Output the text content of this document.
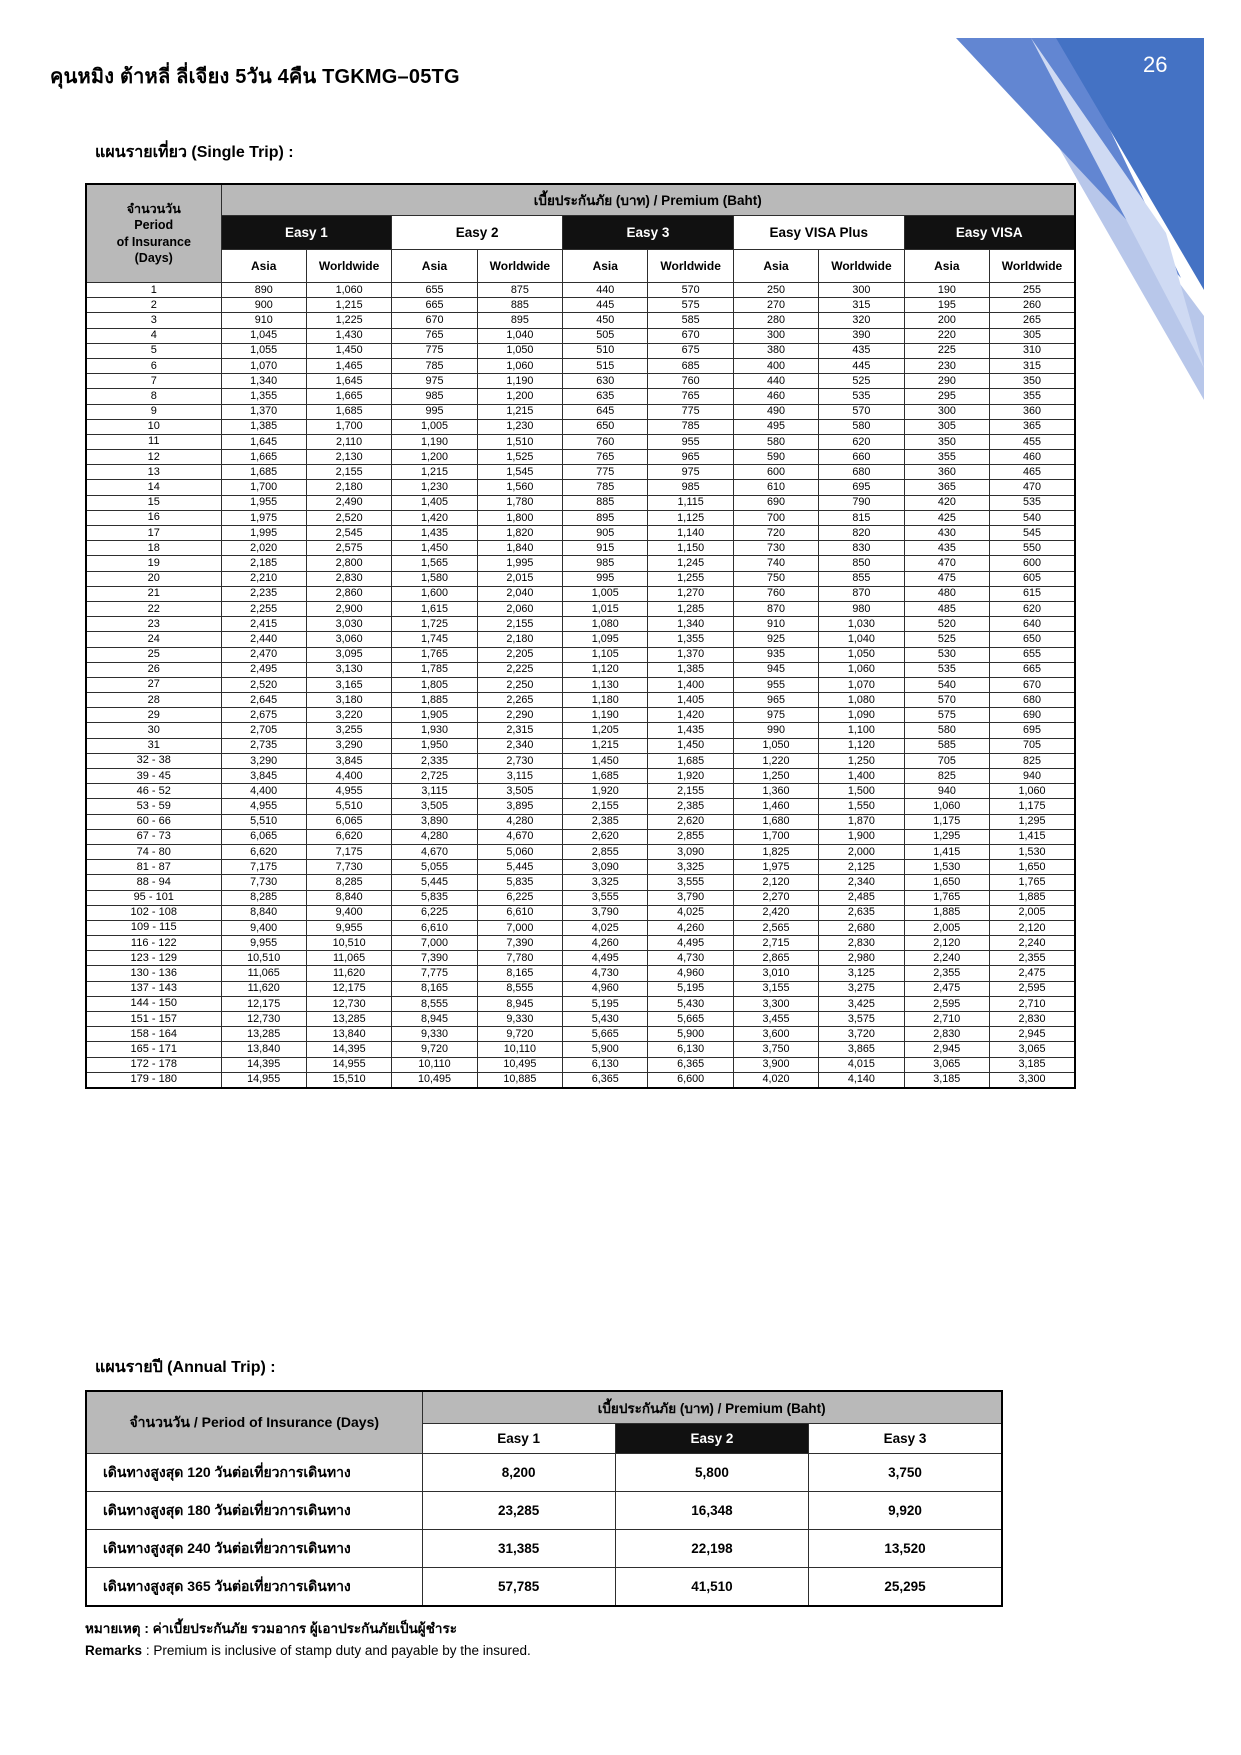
คุนหมิง ต้าหลี่ ลี่เจียง 5วัน 4คืน TGKMG–05TG	26
แผนรายเที่ยว (Single Trip) :
จำนวนวัน
Period
of Insurance
(Days)	เบี้ยประกันภัย (บาท) / Premium (Baht)									
	Easy 1		Easy 2		Easy 3		Easy VISA Plus		Easy VISA	
	Asia	Worldwide	Asia	Worldwide	Asia	Worldwide	Asia	Worldwide	Asia	Worldwide
1	890	1,060	655	875	440	570	250	300	190	255
2	900	1,215	665	885	445	575	270	315	195	260
3	910	1,225	670	895	450	585	280	320	200	265
4	1,045	1,430	765	1,040	505	670	300	390	220	305
5	1,055	1,450	775	1,050	510	675	380	435	225	310
6	1,070	1,465	785	1,060	515	685	400	445	230	315
7	1,340	1,645	975	1,190	630	760	440	525	290	350
8	1,355	1,665	985	1,200	635	765	460	535	295	355
9	1,370	1,685	995	1,215	645	775	490	570	300	360
10	1,385	1,700	1,005	1,230	650	785	495	580	305	365
11	1,645	2,110	1,190	1,510	760	955	580	620	350	455
12	1,665	2,130	1,200	1,525	765	965	590	660	355	460
13	1,685	2,155	1,215	1,545	775	975	600	680	360	465
14	1,700	2,180	1,230	1,560	785	985	610	695	365	470
15	1,955	2,490	1,405	1,780	885	1,115	690	790	420	535
16	1,975	2,520	1,420	1,800	895	1,125	700	815	425	540
17	1,995	2,545	1,435	1,820	905	1,140	720	820	430	545
18	2,020	2,575	1,450	1,840	915	1,150	730	830	435	550
19	2,185	2,800	1,565	1,995	985	1,245	740	850	470	600
20	2,210	2,830	1,580	2,015	995	1,255	750	855	475	605
21	2,235	2,860	1,600	2,040	1,005	1,270	760	870	480	615
22	2,255	2,900	1,615	2,060	1,015	1,285	870	980	485	620
23	2,415	3,030	1,725	2,155	1,080	1,340	910	1,030	520	640
24	2,440	3,060	1,745	2,180	1,095	1,355	925	1,040	525	650
25	2,470	3,095	1,765	2,205	1,105	1,370	935	1,050	530	655
26	2,495	3,130	1,785	2,225	1,120	1,385	945	1,060	535	665
27	2,520	3,165	1,805	2,250	1,130	1,400	955	1,070	540	670
28	2,645	3,180	1,885	2,265	1,180	1,405	965	1,080	570	680
29	2,675	3,220	1,905	2,290	1,190	1,420	975	1,090	575	690
30	2,705	3,255	1,930	2,315	1,205	1,435	990	1,100	580	695
31	2,735	3,290	1,950	2,340	1,215	1,450	1,050	1,120	585	705
32 - 38	3,290	3,845	2,335	2,730	1,450	1,685	1,220	1,250	705	825
39 - 45	3,845	4,400	2,725	3,115	1,685	1,920	1,250	1,400	825	940
46 - 52	4,400	4,955	3,115	3,505	1,920	2,155	1,360	1,500	940	1,060
53 - 59	4,955	5,510	3,505	3,895	2,155	2,385	1,460	1,550	1,060	1,175
60 - 66	5,510	6,065	3,890	4,280	2,385	2,620	1,680	1,870	1,175	1,295
67 - 73	6,065	6,620	4,280	4,670	2,620	2,855	1,700	1,900	1,295	1,415
74 - 80	6,620	7,175	4,670	5,060	2,855	3,090	1,825	2,000	1,415	1,530
81 - 87	7,175	7,730	5,055	5,445	3,090	3,325	1,975	2,125	1,530	1,650
88 - 94	7,730	8,285	5,445	5,835	3,325	3,555	2,120	2,340	1,650	1,765
95 - 101	8,285	8,840	5,835	6,225	3,555	3,790	2,270	2,485	1,765	1,885
102 - 108	8,840	9,400	6,225	6,610	3,790	4,025	2,420	2,635	1,885	2,005
109 - 115	9,400	9,955	6,610	7,000	4,025	4,260	2,565	2,680	2,005	2,120
116 - 122	9,955	10,510	7,000	7,390	4,260	4,495	2,715	2,830	2,120	2,240
123 - 129	10,510	11,065	7,390	7,780	4,495	4,730	2,865	2,980	2,240	2,355
130 - 136	11,065	11,620	7,775	8,165	4,730	4,960	3,010	3,125	2,355	2,475
137 - 143	11,620	12,175	8,165	8,555	4,960	5,195	3,155	3,275	2,475	2,595
144 - 150	12,175	12,730	8,555	8,945	5,195	5,430	3,300	3,425	2,595	2,710
151 - 157	12,730	13,285	8,945	9,330	5,430	5,665	3,455	3,575	2,710	2,830
158 - 164	13,285	13,840	9,330	9,720	5,665	5,900	3,600	3,720	2,830	2,945
165 - 171	13,840	14,395	9,720	10,110	5,900	6,130	3,750	3,865	2,945	3,065
172 - 178	14,395	14,955	10,110	10,495	6,130	6,365	3,900	4,015	3,065	3,185
179 - 180	14,955	15,510	10,495	10,885	6,365	6,600	4,020	4,140	3,185	3,300
แผนรายปี (Annual Trip) :
จำนวนวัน / Period of Insurance (Days)	เบี้ยประกันภัย (บาท) / Premium (Baht)		
	Easy 1	Easy 2	Easy 3
เดินทางสูงสุด 120 วันต่อเที่ยวการเดินทาง	8,200	5,800	3,750
เดินทางสูงสุด 180 วันต่อเที่ยวการเดินทาง	23,285	16,348	9,920
เดินทางสูงสุด 240 วันต่อเที่ยวการเดินทาง	31,385	22,198	13,520
เดินทางสูงสุด 365 วันต่อเที่ยวการเดินทาง	57,785	41,510	25,295
หมายเหตุ : ค่าเบี้ยประกันภัย รวมอากร ผู้เอาประกันภัยเป็นผู้ชำระ
Remarks : Premium is inclusive of stamp duty and payable by the insured.
